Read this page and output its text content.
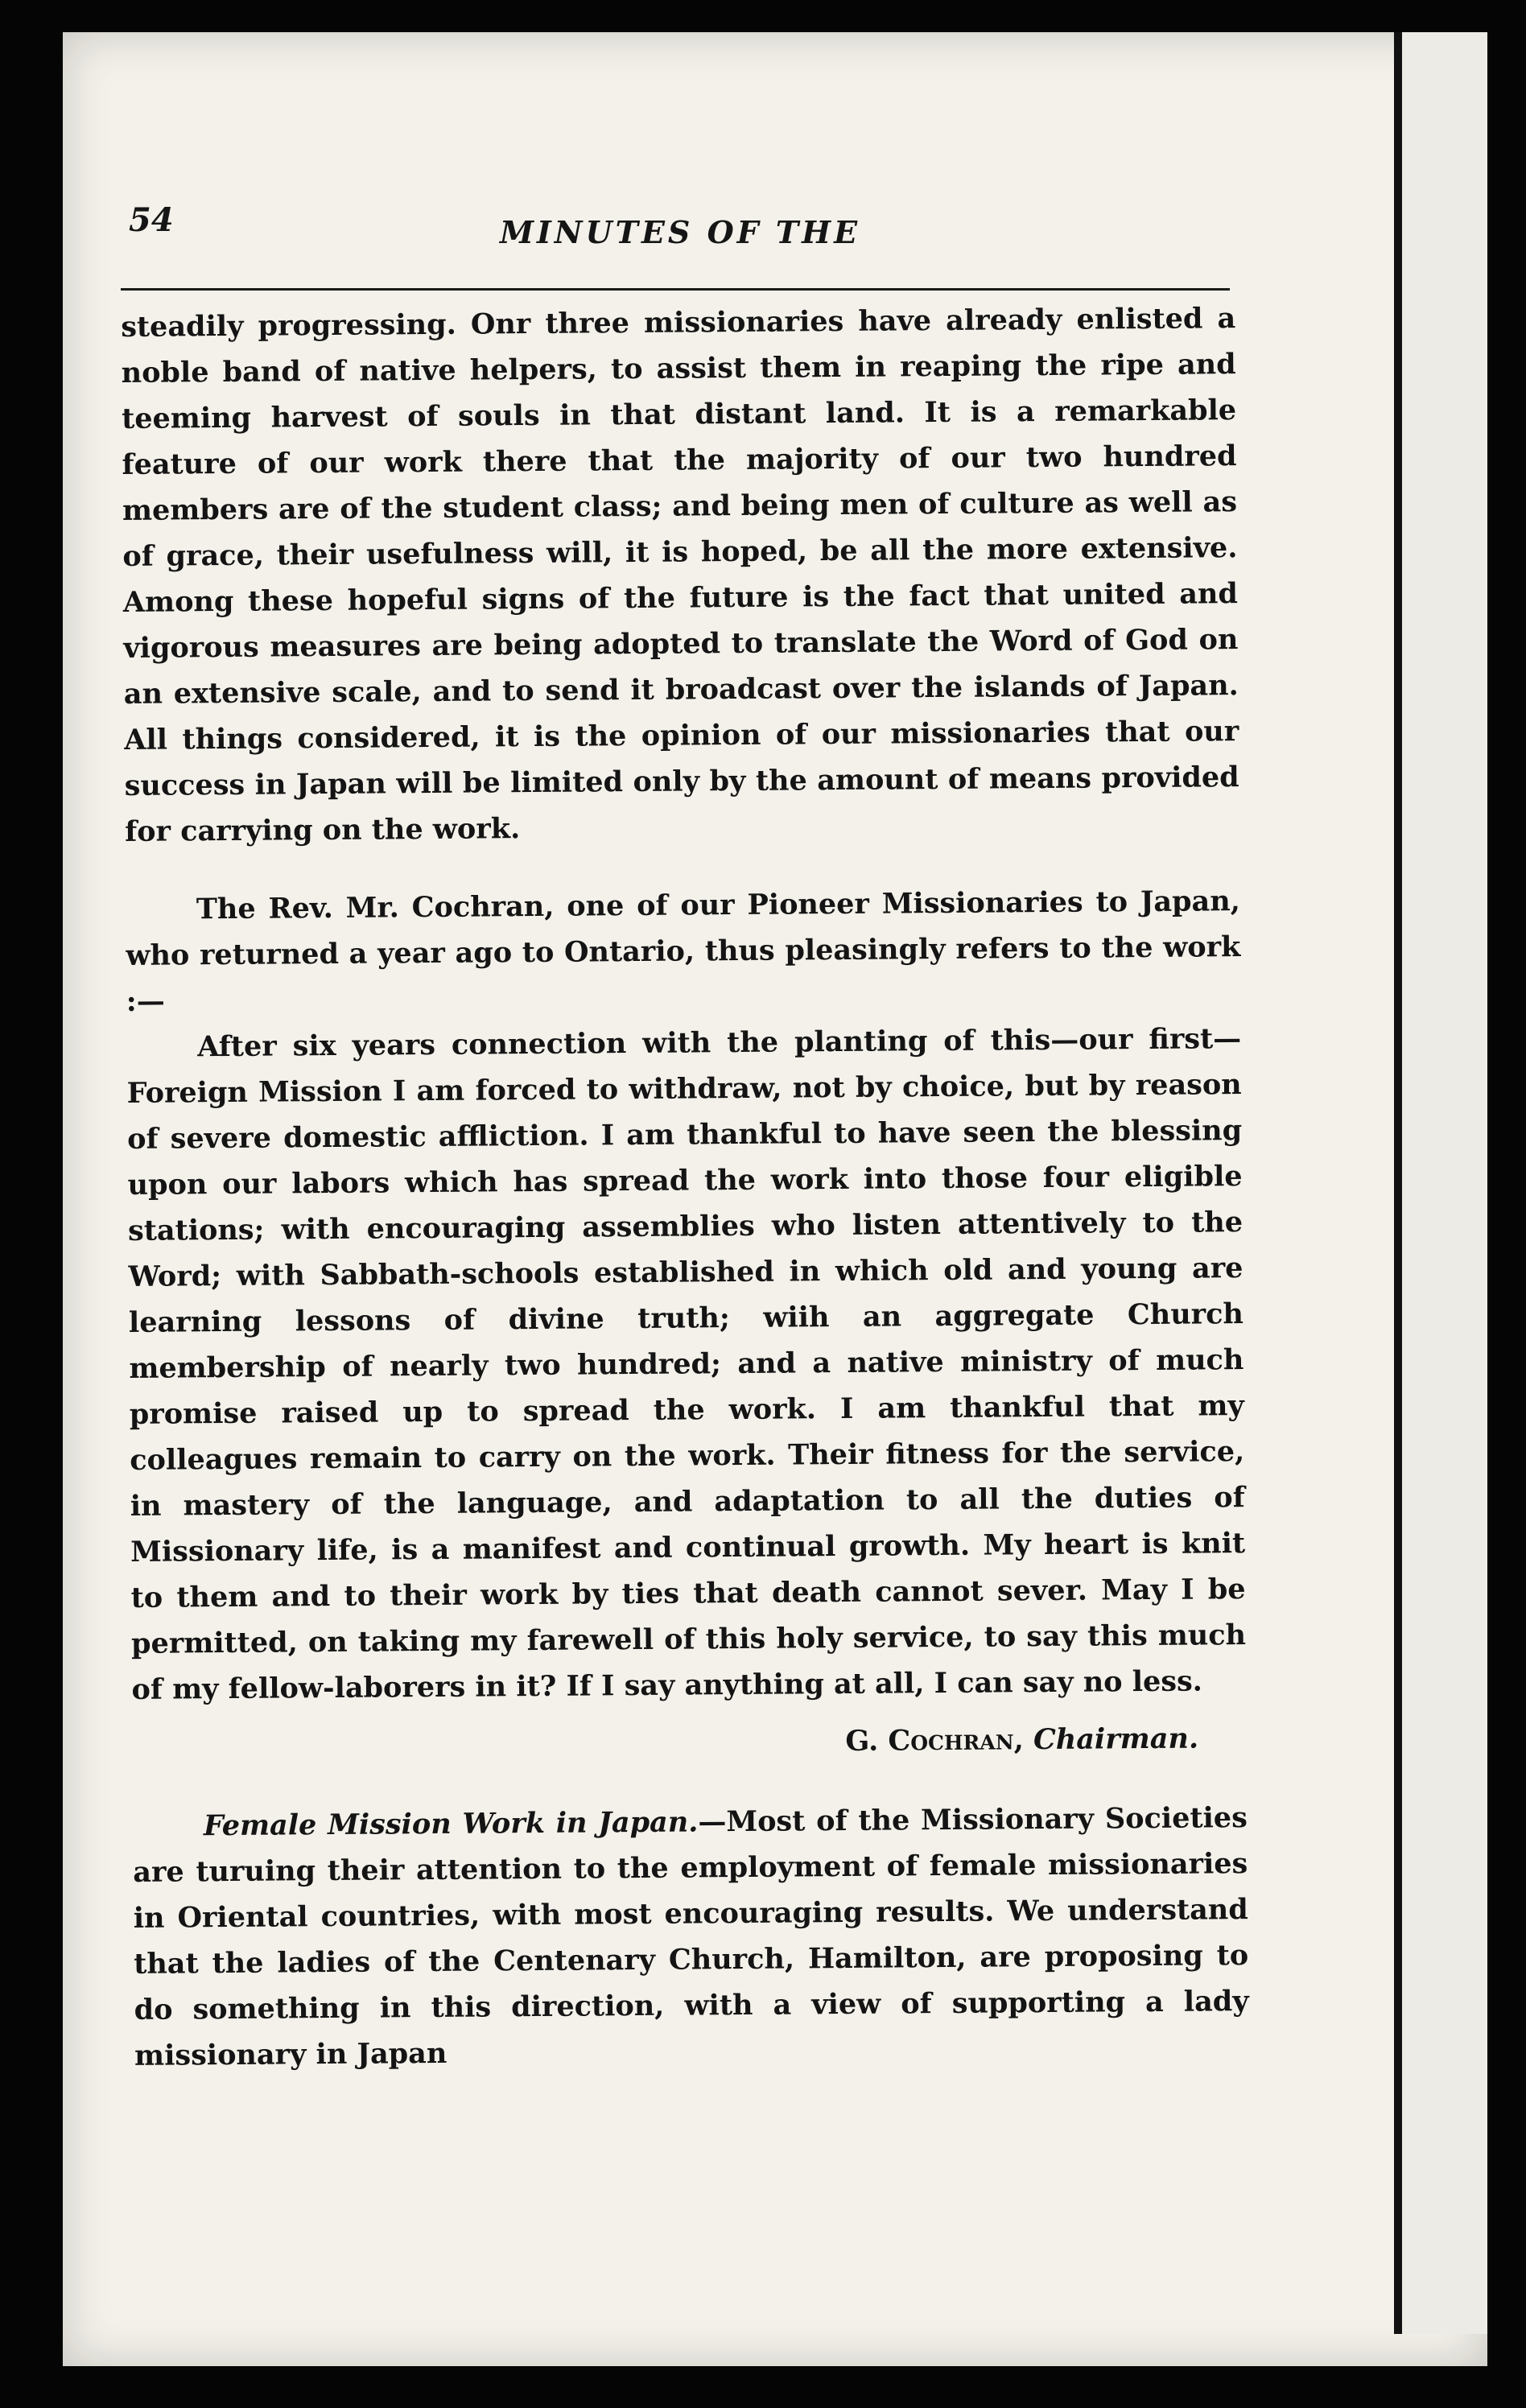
54	MINUTES OF THE

steadily progressing. Onr three missionaries have already enlisted a noble band of native helpers, to assist them in reaping the ripe and teeming harvest of souls in that distant land. It is a remarkable feature of our work there that the majority of our two hundred members are of the student class; and being men of culture as well as of grace, their usefulness will, it is hoped, be all the more extensive. Among these hopeful signs of the future is the fact that united and vigorous measures are being adopted to translate the Word of God on an extensive scale, and to send it broadcast over the islands of Japan. All things considered, it is the opinion of our missionaries that our success in Japan will be limited only by the amount of means provided for carrying on the work.

The Rev. Mr. Cochran, one of our Pioneer Missionaries to Japan, who returned a year ago to Ontario, thus pleasingly refers to the work :—

After six years connection with the planting of this—our first—Foreign Mission I am forced to withdraw, not by choice, but by reason of severe domestic affliction. I am thankful to have seen the blessing upon our labors which has spread the work into those four eligible stations; with encouraging assemblies who listen attentively to the Word; with Sabbath-schools established in which old and young are learning lessons of divine truth; wiih an aggregate Church membership of nearly two hundred; and a native ministry of much promise raised up to spread the work. I am thankful that my colleagues remain to carry on the work. Their fitness for the service, in mastery of the language, and adaptation to all the duties of Missionary life, is a manifest and continual growth. My heart is knit to them and to their work by ties that death cannot sever. May I be permitted, on taking my farewell of this holy service, to say this much of my fellow-laborers in it? If I say anything at all, I can say no less.

G. Cochran, Chairman.

Female Mission Work in Japan.—Most of the Missionary Societies are turuing their attention to the employment of female missionaries in Oriental countries, with most encouraging results. We understand that the ladies of the Centenary Church, Hamilton, are proposing to do something in this direction, with a view of supporting a lady missionary in Japan
